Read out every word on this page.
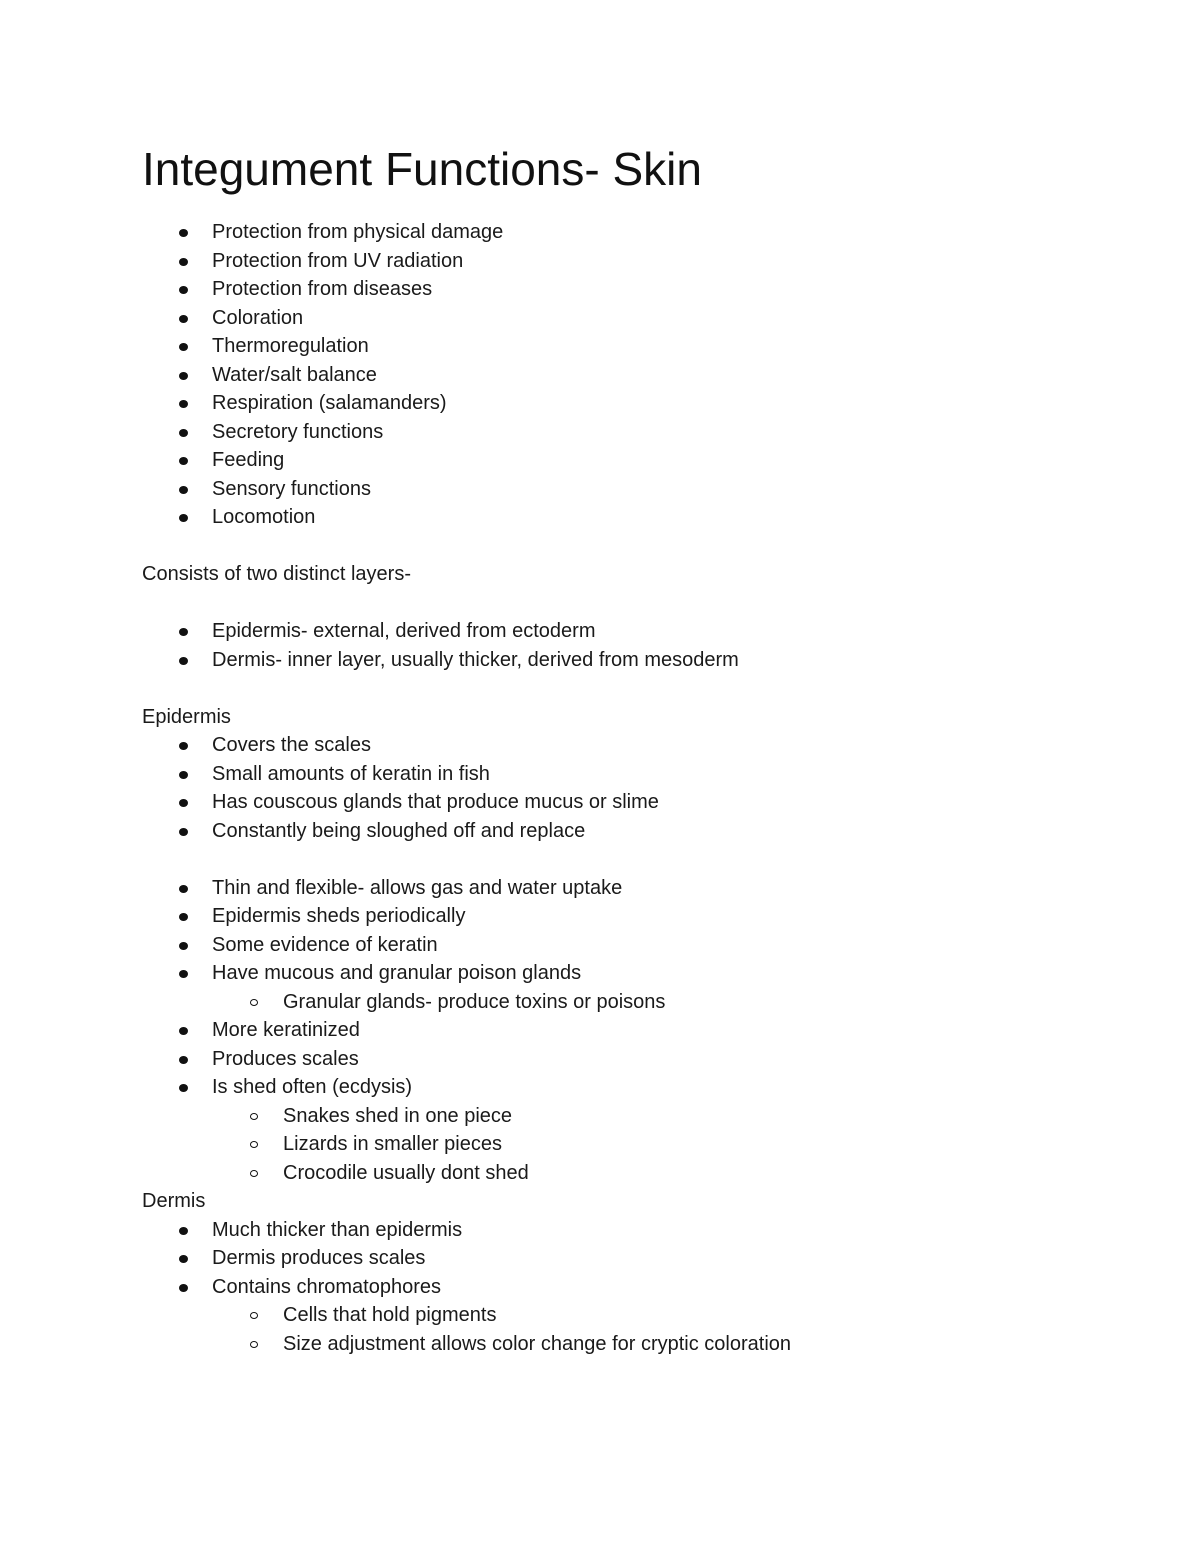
Integument Functions- Skin
Protection from physical damage
Protection from UV radiation
Protection from diseases
Coloration
Thermoregulation
Water/salt balance
Respiration (salamanders)
Secretory functions
Feeding
Sensory functions
Locomotion

Consists of two distinct layers-

Epidermis- external, derived from ectoderm
Dermis- inner layer, usually thicker, derived from mesoderm

Epidermis

Covers the scales
Small amounts of keratin in fish
Has couscous glands that produce mucus or slime
Constantly being sloughed off and replace
Thin and flexible- allows gas and water uptake
Epidermis sheds periodically
Some evidence of keratin
Have mucous and granular poison glands
Granular glands- produce toxins or poisons
More keratinized
Produces scales
Is shed often (ecdysis)
Snakes shed in one piece
Lizards in smaller pieces
Crocodile usually dont shed

Dermis

Much thicker than epidermis
Dermis produces scales
Contains chromatophores
Cells that hold pigments
Size adjustment allows color change for cryptic coloration
